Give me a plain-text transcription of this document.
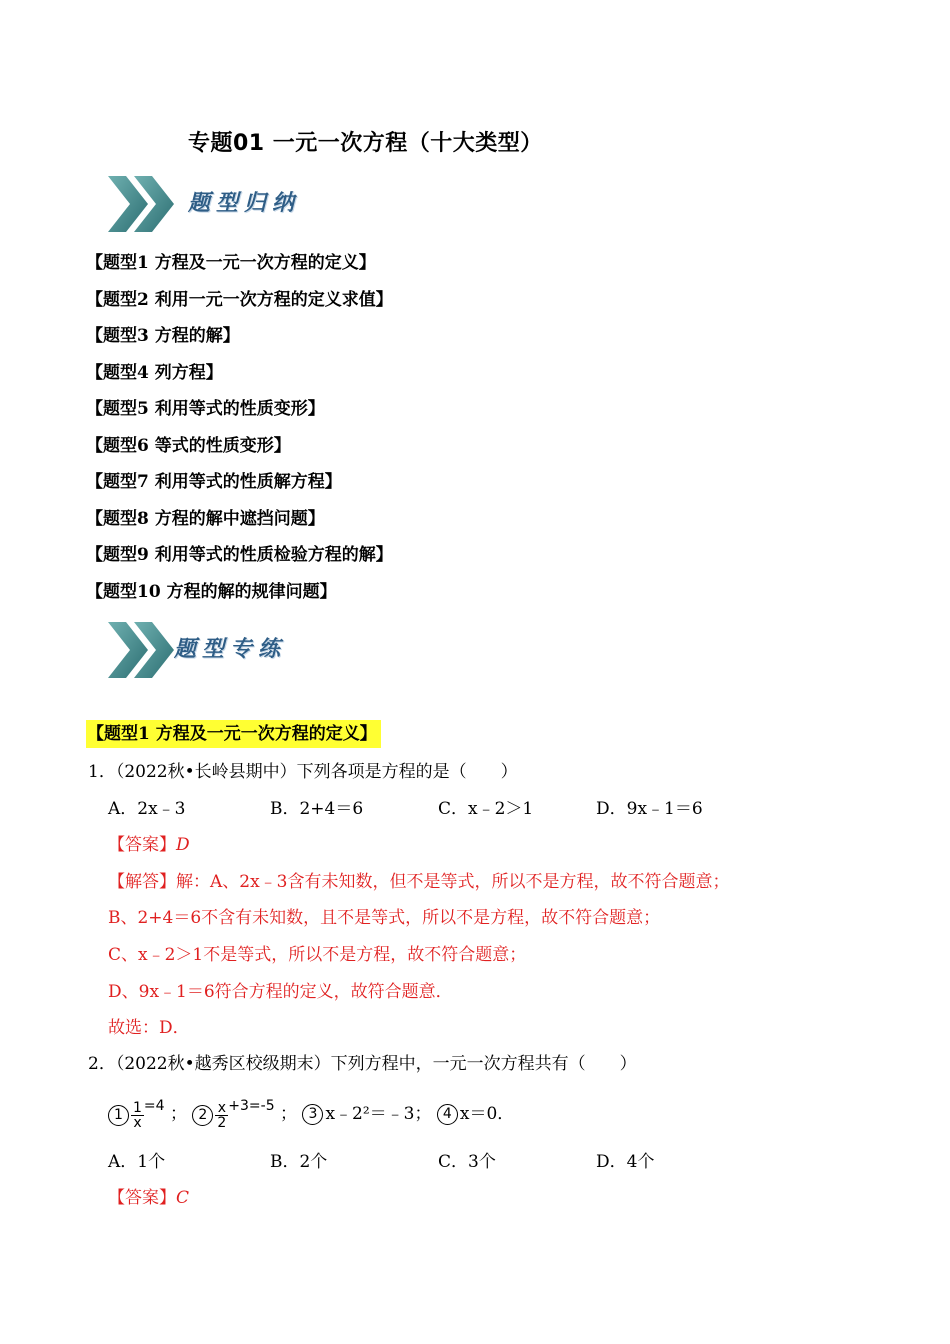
专题01 一元一次方程（十大类型）
题型归纳
【题型1 方程及一元一次方程的定义】
【题型2 利用一元一次方程的定义求值】
【题型3 方程的解】
【题型4 列方程】
【题型5 利用等式的性质变形】
【题型6 等式的性质变形】
【题型7 利用等式的性质解方程】
【题型8 方程的解中遮挡问题】
【题型9 利用等式的性质检验方程的解】
【题型10 方程的解的规律问题】
题型专练
【题型1 方程及一元一次方程的定义】
1．（2022秋•长岭县期中）下列各项是方程的是（　　）
A．2x﹣3	B．2+4＝6	C．x﹣2＞1	D．9x﹣1＝6
【答案】D
【解答】解：A、2x﹣3含有未知数，但不是等式，所以不是方程，故不符合题意；
B、2+4＝6不含有未知数，且不是等式，所以不是方程，故不符合题意；
C、x﹣2＞1不是等式，所以不是方程，故不符合题意；
D、9x﹣1＝6符合方程的定义，故符合题意．
故选：D．
2．（2022秋•越秀区校级期末）下列方程中，一元一次方程共有（　　）
$1 \frac{1}{x} =4$ ； $2 \frac{x}{2} +3=-5$ ； 3 x﹣2²＝﹣3； 4 x＝0．
A．1个	B．2个	C．3个	D．4个
【答案】C
